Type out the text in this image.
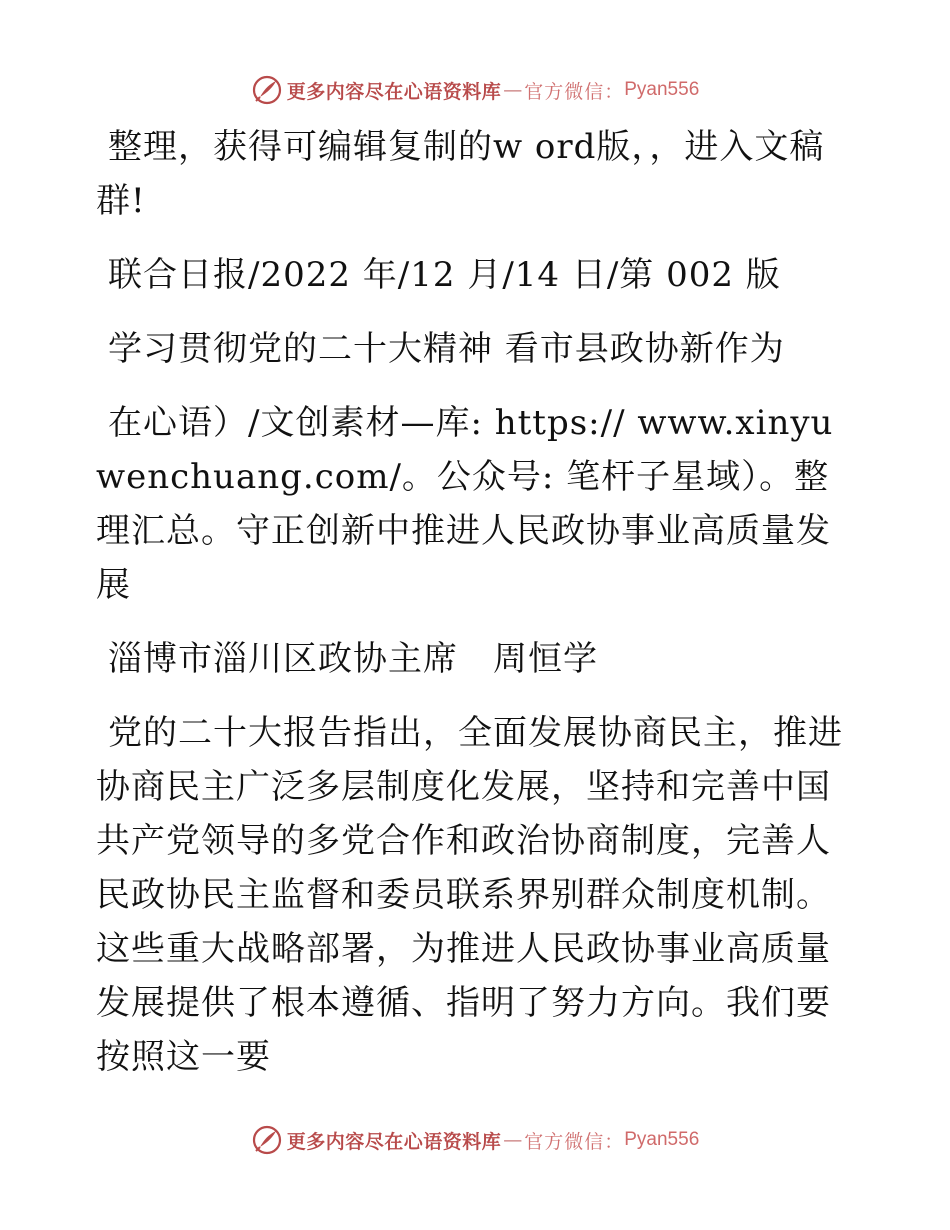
更多内容尽在心语资料库 — 官方微信： Pyan556

整理，获得可编辑复制的w ord版，，进入文稿群!

联合日报/2022 年/12 月/14 日/第 002 版

学习贯彻党的二十大精神 看市县政协新作为

在心语）/文创素材—库: https:// www.xinyuwenchuang.com/。公众号: 笔杆子星域）。整理汇总。守正创新中推进人民政协事业高质量发展

淄博市淄川区政协主席　周恒学

党的二十大报告指出，全面发展协商民主，推进协商民主广泛多层制度化发展，坚持和完善中国共产党领导的多党合作和政治协商制度，完善人民政协民主监督和委员联系界别群众制度机制。这些重大战略部署，为推进人民政协事业高质量发展提供了根本遵循、指明了努力方向。我们要按照这一要

更多内容尽在心语资料库 — 官方微信： Pyan556
